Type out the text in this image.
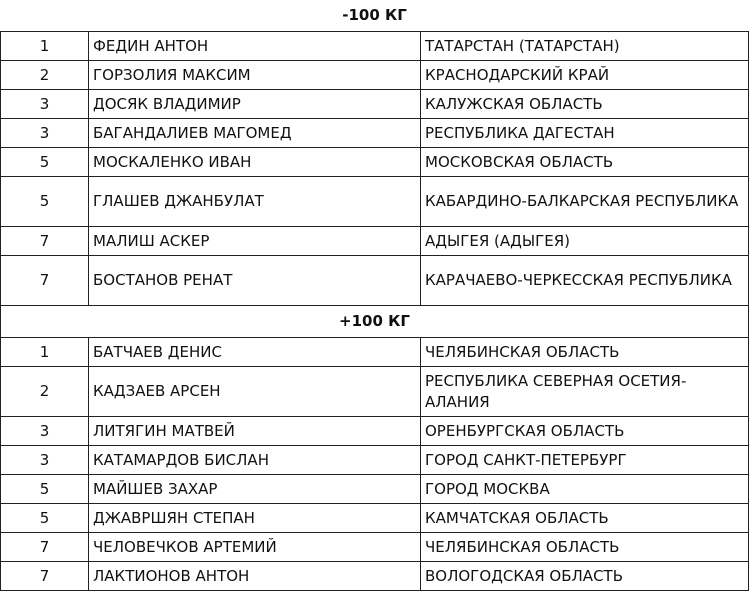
-100 КГ		
1	ФЕДИН АНТОН	ТАТАРСТАН (ТАТАРСТАН)
2	ГОРЗОЛИЯ МАКСИМ	КРАСНОДАРСКИЙ КРАЙ
3	ДОСЯК ВЛАДИМИР	КАЛУЖСКАЯ ОБЛАСТЬ
3	БАГАНДАЛИЕВ МАГОМЕД	РЕСПУБЛИКА ДАГЕСТАН
5	МОСКАЛЕНКО ИВАН	МОСКОВСКАЯ ОБЛАСТЬ
5	ГЛАШЕВ ДЖАНБУЛАТ	КАБАРДИНО-БАЛКАРСКАЯ РЕСПУБЛИКА
7	МАЛИШ АСКЕР	АДЫГЕЯ (АДЫГЕЯ)
7	БОСТАНОВ РЕНАТ	КАРАЧАЕВО-ЧЕРКЕССКАЯ РЕСПУБЛИКА
+100 КГ		
1	БАТЧАЕВ ДЕНИС	ЧЕЛЯБИНСКАЯ ОБЛАСТЬ
2	КАДЗАЕВ АРСЕН	РЕСПУБЛИКА СЕВЕРНАЯ ОСЕТИЯ-АЛАНИЯ
3	ЛИТЯГИН МАТВЕЙ	ОРЕНБУРГСКАЯ ОБЛАСТЬ
3	КАТАМАРДОВ БИСЛАН	ГОРОД САНКТ-ПЕТЕРБУРГ
5	МАЙШЕВ ЗАХАР	ГОРОД МОСКВА
5	ДЖАВРШЯН СТЕПАН	КАМЧАТСКАЯ ОБЛАСТЬ
7	ЧЕЛОВЕЧКОВ АРТЕМИЙ	ЧЕЛЯБИНСКАЯ ОБЛАСТЬ
7	ЛАКТИОНОВ АНТОН	ВОЛОГОДСКАЯ ОБЛАСТЬ
